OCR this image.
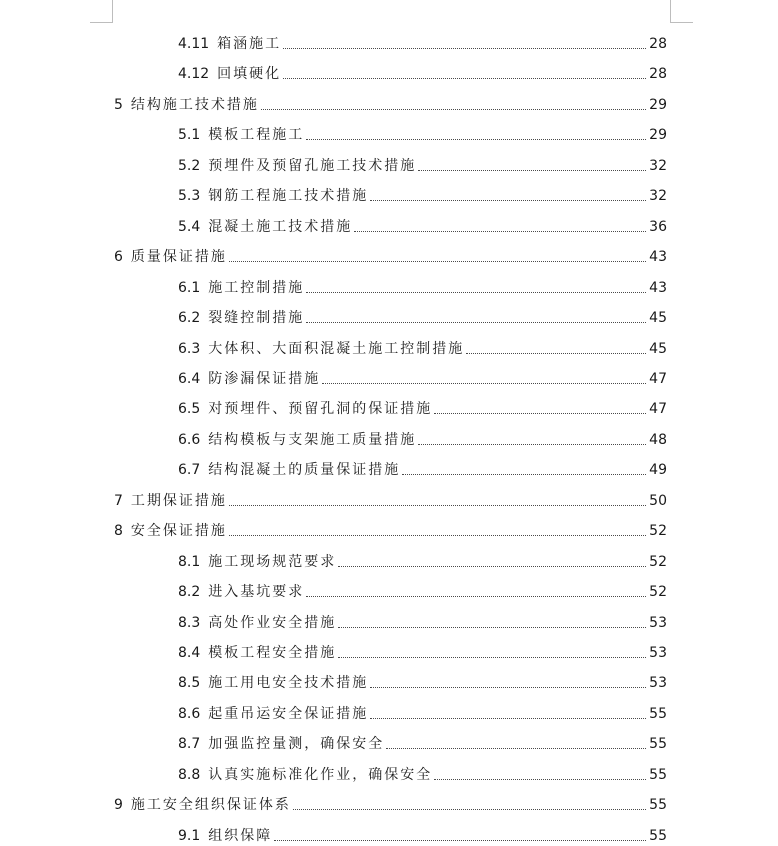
4.11 箱涵施工	28
4.12 回填硬化	28
5 结构施工技术措施	29
5.1 模板工程施工	29
5.2 预埋件及预留孔施工技术措施	32
5.3 钢筋工程施工技术措施	32
5.4 混凝土施工技术措施	36
6 质量保证措施	43
6.1 施工控制措施	43
6.2 裂缝控制措施	45
6.3 大体积、大面积混凝土施工控制措施	45
6.4 防渗漏保证措施	47
6.5 对预埋件、预留孔洞的保证措施	47
6.6 结构模板与支架施工质量措施	48
6.7 结构混凝土的质量保证措施	49
7 工期保证措施	50
8 安全保证措施	52
8.1 施工现场规范要求	52
8.2 进入基坑要求	52
8.3 高处作业安全措施	53
8.4 模板工程安全措施	53
8.5 施工用电安全技术措施	53
8.6 起重吊运安全保证措施	55
8.7 加强监控量测，确保安全	55
8.8 认真实施标准化作业，确保安全	55
9 施工安全组织保证体系	55
9.1 组织保障	55
